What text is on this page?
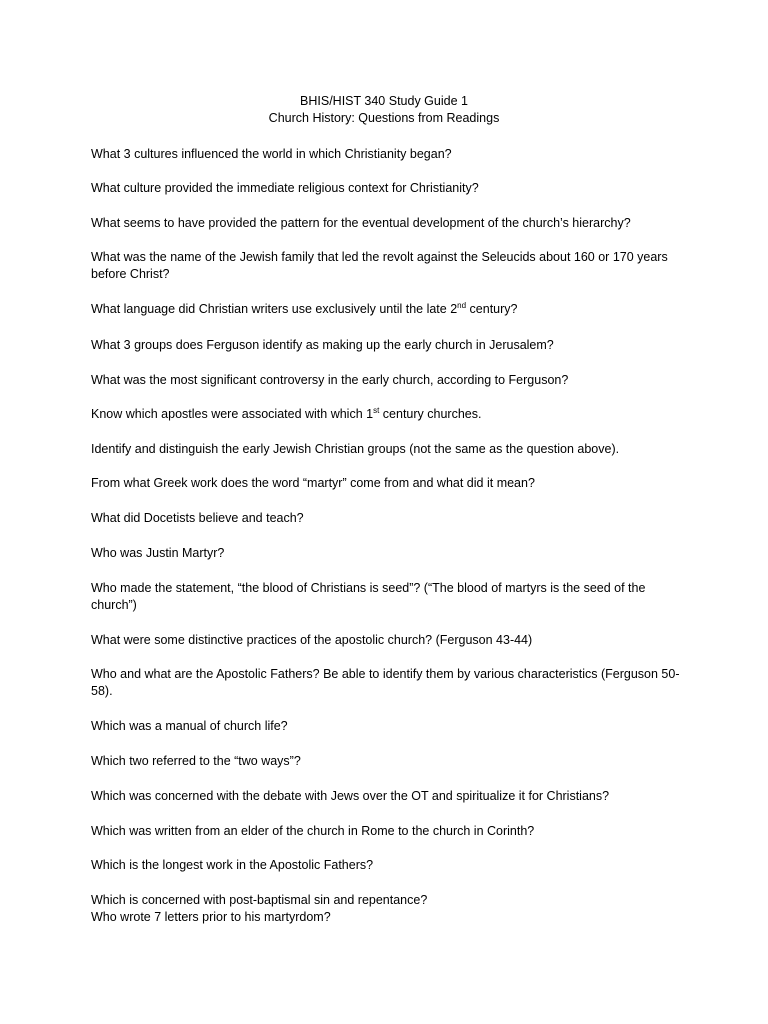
BHIS/HIST 340 Study Guide 1
Church History: Questions from Readings
What 3 cultures influenced the world in which Christianity began?
What culture provided the immediate religious context for Christianity?
What seems to have provided the pattern for the eventual development of the church’s hierarchy?
What was the name of the Jewish family that led the revolt against the Seleucids about 160 or 170 years before Christ?
What language did Christian writers use exclusively until the late 2nd century?
What 3 groups does Ferguson identify as making up the early church in Jerusalem?
What was the most significant controversy in the early church, according to Ferguson?
Know which apostles were associated with which 1st century churches.
Identify and distinguish the early Jewish Christian groups (not the same as the question above).
From what Greek work does the word “martyr” come from and what did it mean?
What did Docetists believe and teach?
Who was Justin Martyr?
Who made the statement, “the blood of Christians is seed”? (“The blood of martyrs is the seed of the church”)
What were some distinctive practices of the apostolic church? (Ferguson 43-44)
Who and what are the Apostolic Fathers? Be able to identify them by various characteristics (Ferguson 50-58).
Which was a manual of church life?
Which two referred to the “two ways”?
Which was concerned with the debate with Jews over the OT and spiritualize it for Christians?
Which was written from an elder of the church in Rome to the church in Corinth?
Which is the longest work in the Apostolic Fathers?
Which is concerned with post-baptismal sin and repentance?
Who wrote 7 letters prior to his martyrdom?
